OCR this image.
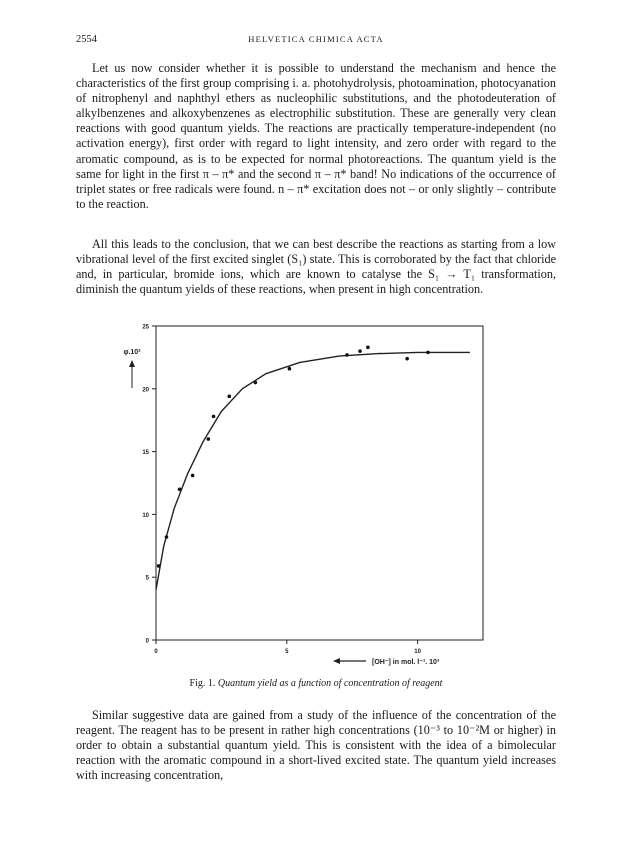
2554	HELVETICA CHIMICA ACTA

Let us now consider whether it is possible to understand the mechanism and hence the characteristics of the first group comprising i. a. photohydrolysis, photoamination, photocyanation of nitrophenyl and naphthyl ethers as nucleophilic substitutions, and the photodeuteration of alkylbenzenes and alkoxybenzenes as electrophilic substitution. These are generally very clean reactions with good quantum yields. The reactions are practically temperature-independent (no activation energy), first order with regard to light intensity, and zero order with regard to the aromatic compound, as is to be expected for normal photoreactions. The quantum yield is the same for light in the first π – π* and the second π – π* band! No indications of the occurrence of triplet states or free radicals were found. n – π* excitation does not – or only slightly – contribute to the reaction.

All this leads to the conclusion, that we can best describe the reactions as starting from a low vibrational level of the first excited singlet (S₁) state. This is corroborated by the fact that chloride and, in particular, bromide ions, which are known to catalyse the S₁ → T₁ transformation, diminish the quantum yields of these reactions, when present in high concentration.

0
5
10
15
20
25
0	5	10
φ.10²
[OH⁻] in mol. l⁻¹. 10³
Fig. 1. Quantum yield as a function of concentration of reagent

Similar suggestive data are gained from a study of the influence of the concentration of the reagent. The reagent has to be present in rather high concentrations (10⁻³ to 10⁻²M or higher) in order to obtain a substantial quantum yield. This is consistent with the idea of a bimolecular reaction with the aromatic compound in a short-lived excited state. The quantum yield increases with increasing concentration,
